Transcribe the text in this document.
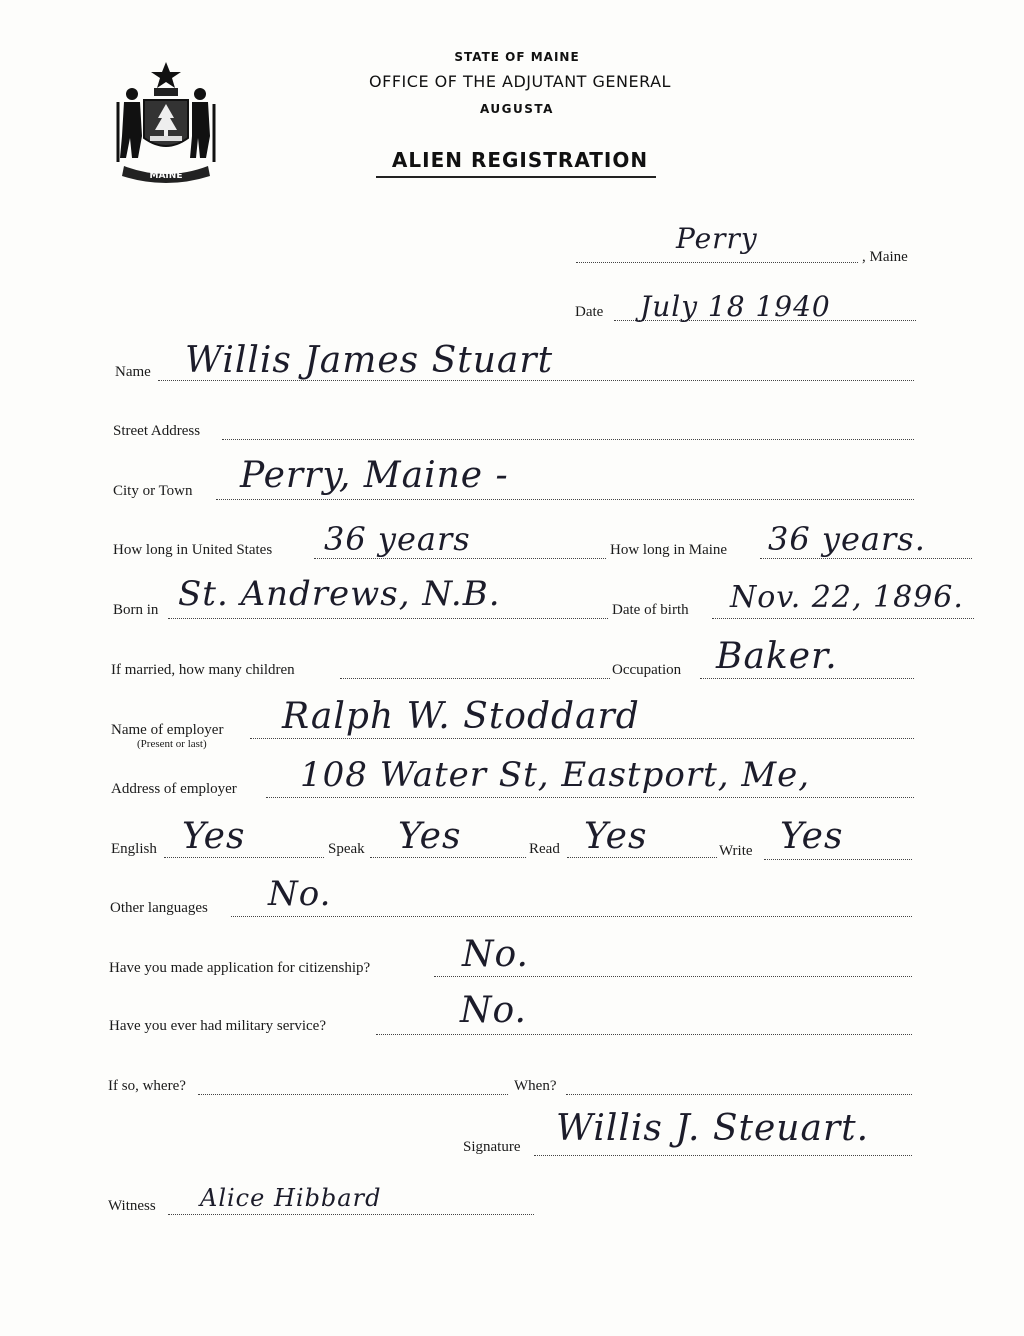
MAINE
STATE OF MAINE
OFFICE OF THE ADJUTANT GENERAL
AUGUSTA
ALIEN REGISTRATION
Perry
, Maine
Date July 18 1940
Name Willis James Stuart
Street Address
City or Town Perry, Maine -
How long in United States 36 years	How long in Maine 36 years.
Born in St. Andrews, N.B.	Date of birth Nov. 22, 1896.
If married, how many children	Occupation Baker.
Name of employer
(Present or last)
Ralph W. Stoddard
Address of employer 108 Water St, Eastport, Me,
English Yes	Speak Yes	Read Yes	Write Yes
Other languages No.
Have you made application for citizenship?	No.
Have you ever had military service?	No.
If so, where?	When?
Signature Willis J. Steuart.
Witness Alice Hibbard
